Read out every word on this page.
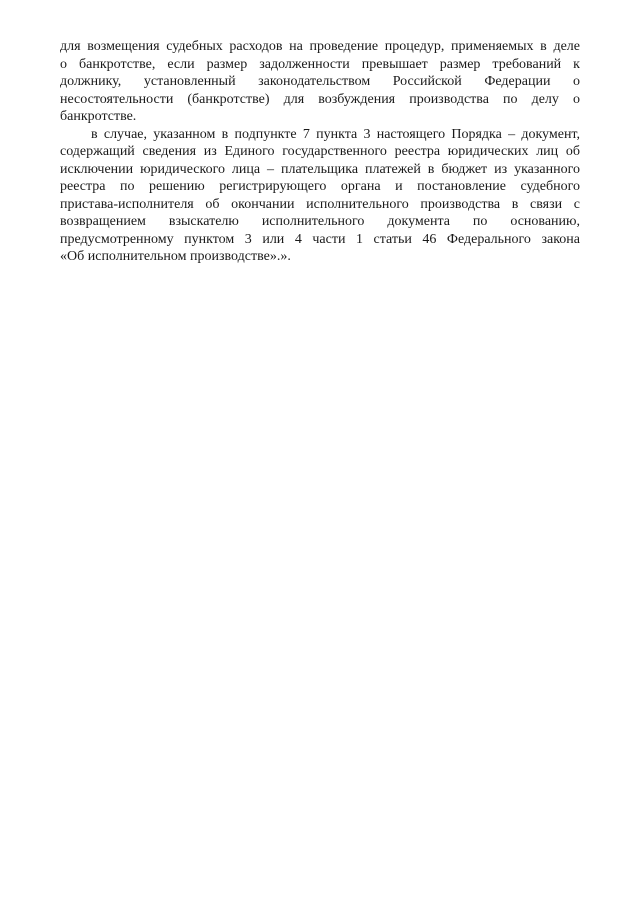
для возмещения судебных расходов на проведение процедур, применяемых в деле
о банкротстве, если размер задолженности превышает размер требований к
должнику, установленный законодательством Российской Федерации о
несостоятельности (банкротстве) для возбуждения производства по делу о
банкротстве.
в случае, указанном в подпункте 7 пункта 3 настоящего Порядка – документ,
содержащий сведения из Единого государственного реестра юридических лиц об
исключении юридического лица – плательщика платежей в бюджет из указанного
реестра по решению регистрирующего органа и постановление судебного
пристава-исполнителя об окончании исполнительного производства в связи с
возвращением взыскателю исполнительного документа по основанию,
предусмотренному пунктом 3 или 4 части 1 статьи 46 Федерального закона
«Об исполнительном производстве».».
